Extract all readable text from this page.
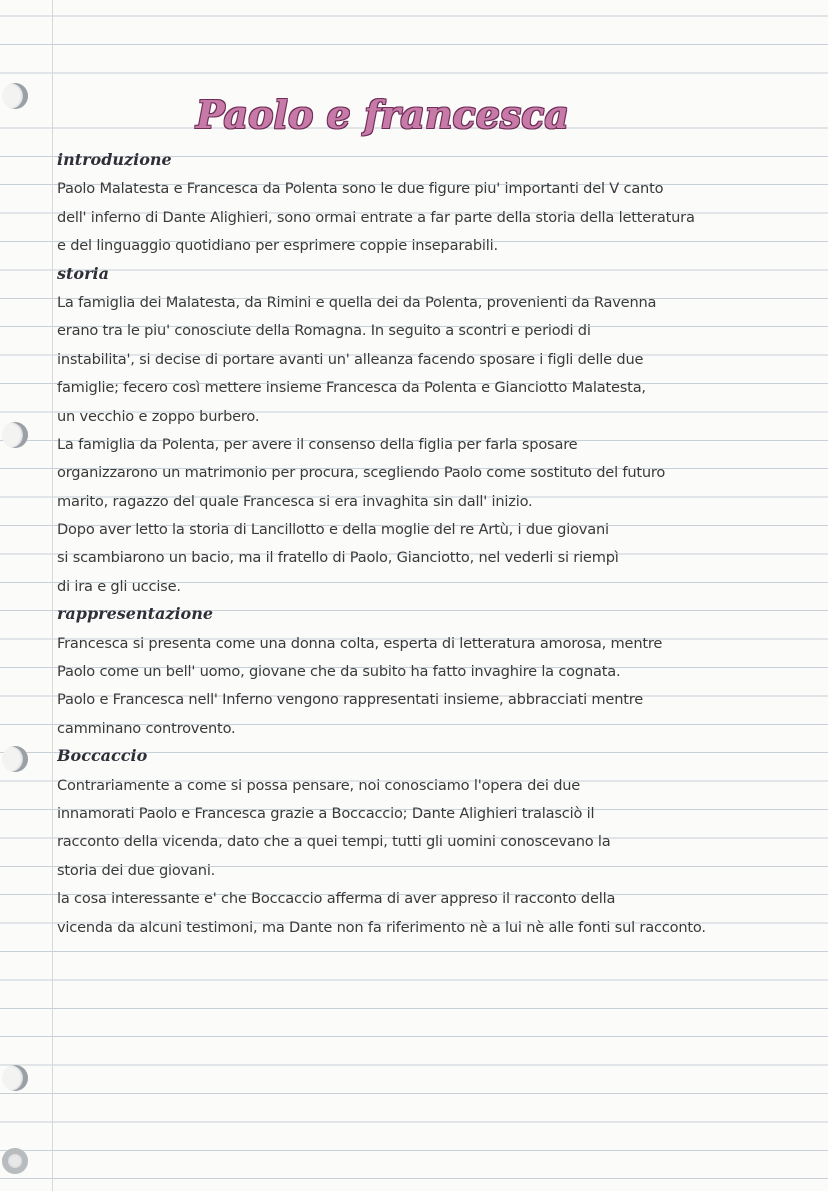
Paolo e francesca
introduzione
Paolo Malatesta e Francesca da Polenta sono le due figure piu' importanti del V canto
dell' inferno di Dante Alighieri, sono ormai entrate a far parte della storia della letteratura
e del linguaggio quotidiano per esprimere coppie inseparabili.
storia
La famiglia dei Malatesta, da Rimini e quella dei da Polenta, provenienti da Ravenna
erano tra le piu' conosciute della Romagna. In seguito a scontri e periodi di
instabilita', si decise di portare avanti un' alleanza facendo sposare i figli delle due
famiglie; fecero così mettere insieme Francesca da Polenta e Gianciotto Malatesta,
un vecchio e zoppo burbero.
La famiglia da Polenta, per avere il consenso della figlia per farla sposare
organizzarono un matrimonio per procura, scegliendo Paolo come sostituto del futuro
marito, ragazzo del quale Francesca si era invaghita sin dall' inizio.
Dopo aver letto la storia di Lancillotto e della moglie del re Artù, i due giovani
si scambiarono un bacio, ma il fratello di Paolo, Gianciotto, nel vederli si riempì
di ira e gli uccise.
rappresentazione
Francesca si presenta come una donna colta, esperta di letteratura amorosa, mentre
Paolo come un bell' uomo, giovane che da subito ha fatto invaghire la cognata.
Paolo e Francesca nell' Inferno vengono rappresentati insieme, abbracciati mentre
camminano controvento.
Boccaccio
Contrariamente a come si possa pensare, noi conosciamo l'opera dei due
innamorati Paolo e Francesca grazie a Boccaccio; Dante Alighieri tralasciò il
racconto della vicenda, dato che a quei tempi, tutti gli uomini conoscevano la
storia dei due giovani.
la cosa interessante e' che Boccaccio afferma di aver appreso il racconto della
vicenda da alcuni testimoni, ma Dante non fa riferimento nè a lui nè alle fonti sul racconto.
